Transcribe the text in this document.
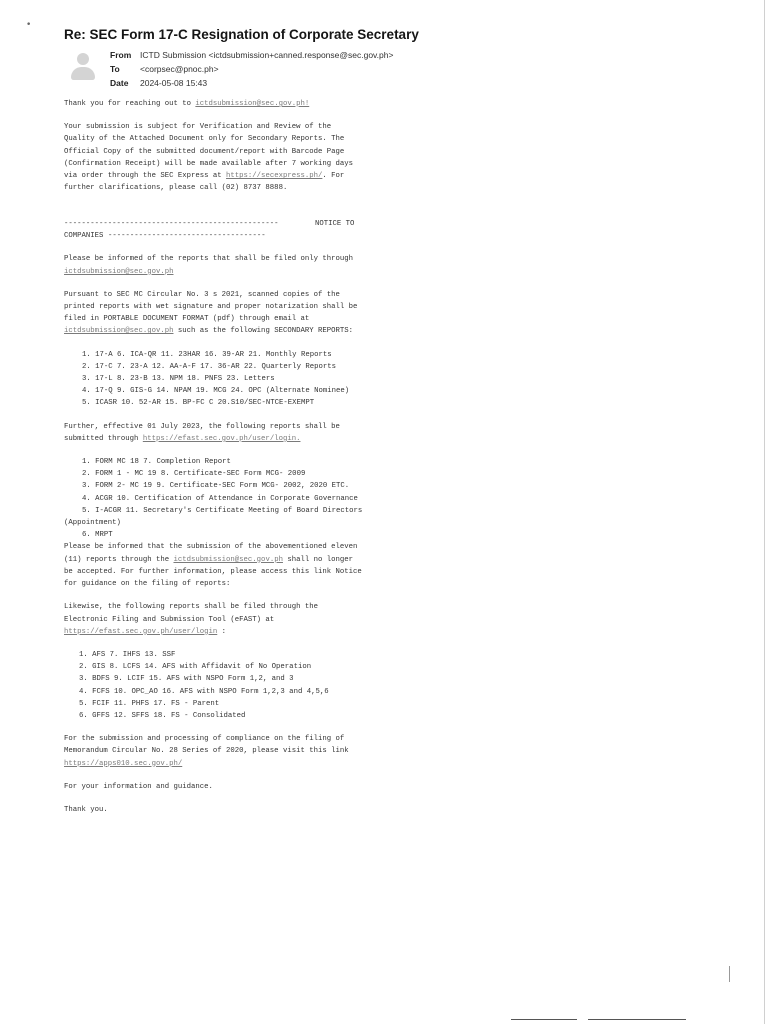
•
Re: SEC Form 17-C Resignation of Corporate Secretary
From ICTD Submission <ictdsubmission+canned.response@sec.gov.ph>
To <corpsec@pnoc.ph>
Date 2024-05-08 15:43

Thank you for reaching out to ictdsubmission@sec.gov.ph!

Your submission is subject for Verification and Review of the Quality of the Attached Document only for Secondary Reports. The Official Copy of the submitted document/report with Barcode Page (Confirmation Receipt) will be made available after 7 working days via order through the SEC Express at https://secexpress.ph/. For further clarifications, please call (02) 8737 8888.

-------------------------------------------------	NOTICE TO
COMPANIES ------------------------------------

Please be informed of the reports that shall be filed only through ictdsubmission@sec.gov.ph

Pursuant to SEC MC Circular No. 3 s 2021, scanned copies of the printed reports with wet signature and proper notarization shall be filed in PORTABLE DOCUMENT FORMAT (pdf) through email at ictdsubmission@sec.gov.ph such as the following SECONDARY REPORTS:

1. 17-A 6. ICA-QR 11. 23HAR 16. 39-AR 21. Monthly Reports
2. 17-C 7. 23-A 12. AA-A-F 17. 36-AR 22. Quarterly Reports
3. 17-L 8. 23-B 13. NPM 18. PNFS 23. Letters
4. 17-Q 9. GIS-G 14. NPAM 19. MCG 24. OPC (Alternate Nominee)
5. ICASR 10. 52-AR 15. BP-FC C 20.S10/SEC-NTCE-EXEMPT

Further, effective 01 July 2023, the following reports shall be submitted through https://efast.sec.gov.ph/user/login.

1. FORM MC 18 7. Completion Report
2. FORM 1 - MC 19 8. Certificate-SEC Form MCG- 2009
3. FORM 2- MC 19 9. Certificate-SEC Form MCG- 2002, 2020 ETC.
4. ACGR 10. Certification of Attendance in Corporate Governance
5. I-ACGR 11. Secretary's Certificate Meeting of Board Directors

(Appointment)

6. MRPT

Please be informed that the submission of the abovementioned eleven (11) reports through the ictdsubmission@sec.gov.ph shall no longer be accepted. For further information, please access this link Notice for guidance on the filing of reports:

Likewise, the following reports shall be filed through the Electronic Filing and Submission Tool (eFAST) at https://efast.sec.gov.ph/user/login :

1. AFS 7. IHFS 13. SSF
2. GIS 8. LCFS 14. AFS with Affidavit of No Operation
3. BDFS 9. LCIF 15. AFS with NSPO Form 1,2, and 3
4. FCFS 10. OPC_AO 16. AFS with NSPO Form 1,2,3 and 4,5,6
5. FCIF 11. PHFS 17. FS - Parent
6. GFFS 12. SFFS 18. FS - Consolidated

For the submission and processing of compliance on the filing of Memorandum Circular No. 28 Series of 2020, please visit this link

https://apps010.sec.gov.ph/

For your information and guidance.

Thank you.
